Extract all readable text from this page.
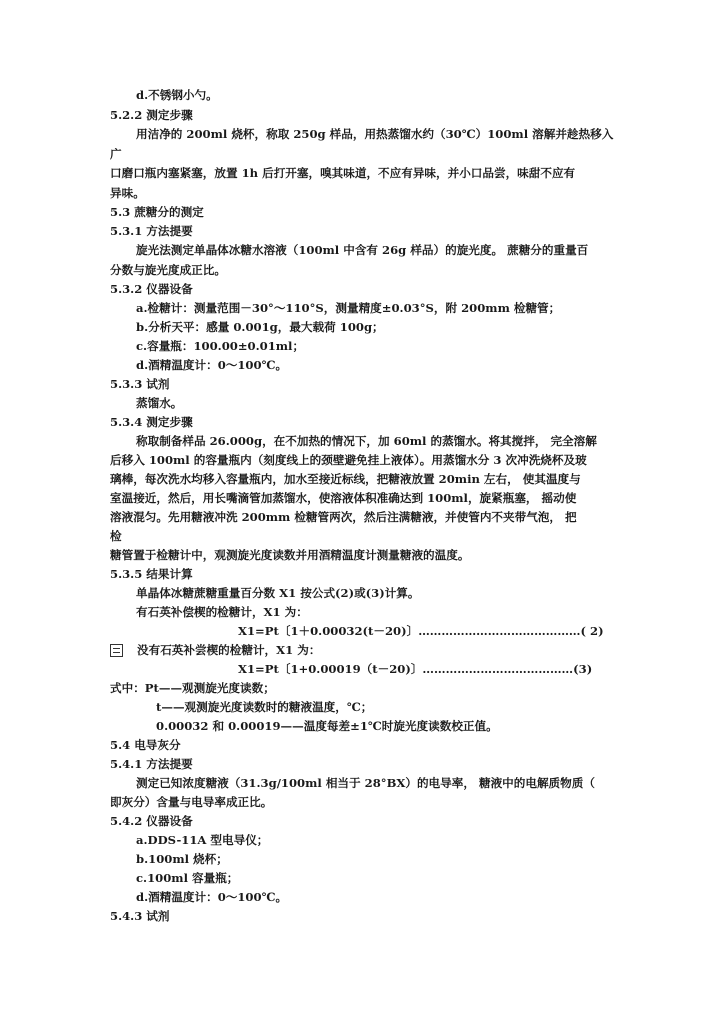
d.不锈钢小勺。
5.2.2 测定步骤
用洁净的 200ml 烧杯，称取 250g 样品，用热蒸馏水约（30℃）100ml 溶解并趁热移入
广
口磨口瓶内塞紧塞，放置 1h 后打开塞，嗅其味道，不应有异味，并小口品尝，味甜不应有
异味。
5.3 蔗糖分的测定
5.3.1 方法提要
旋光法测定单晶体冰糖水溶液（100ml 中含有 26g 样品）的旋光度。 蔗糖分的重量百
分数与旋光度成正比。
5.3.2 仪器设备
a.检糖计：测量范围－30°～110°S，测量精度±0.03°S，附 200mm 检糖管；
b.分析天平：感量 0.001g，最大载荷 100g；
c.容量瓶：100.00±0.01ml；
d.酒精温度计：0～100℃。
5.3.3 试剂
蒸馏水。
5.3.4 测定步骤
称取制备样品 26.000g，在不加热的情况下，加 60ml 的蒸馏水。将其搅拌， 完全溶解
后移入 100ml 的容量瓶内（刻度线上的颈壁避免挂上液体）。用蒸馏水分 3 次冲洗烧杯及玻
璃棒，每次洗水均移入容量瓶内，加水至接近标线，把糖液放置 20min 左右， 使其温度与
室温接近，然后，用长嘴滴管加蒸馏水，使溶液体积准确达到 100ml，旋紧瓶塞， 摇动使
溶液混匀。先用糖液冲洗 200mm 检糖管两次，然后注满糖液，并使管内不夹带气泡， 把
检
糖管置于检糖计中，观测旋光度读数并用酒精温度计测量糖液的温度。
5.3.5 结果计算
单晶体冰糖蔗糖重量百分数 X1 按公式(2)或(3)计算。
有石英补偿楔的检糖计，X1 为：
X1=Pt〔1＋0.00032(t－20)〕……………………………………( 2)
没有石英补尝楔的检糖计，X1 为：
X1=Pt〔1+0.00019（t－20)〕…………………………………(3)
式中：Pt——观测旋光度读数；
t——观测旋光度读数时的糖液温度，℃；
0.00032 和 0.00019——温度每差±1℃时旋光度读数校正值。
5.4 电导灰分
5.4.1 方法提要
测定已知浓度糖液（31.3g/100ml 相当于 28°BX）的电导率， 糖液中的电解质物质（
即灰分）含量与电导率成正比。
5.4.2 仪器设备
a.DDS-11A 型电导仪；
b.100ml 烧杯；
c.100ml 容量瓶；
d.酒精温度计：0～100℃。
5.4.3 试剂
